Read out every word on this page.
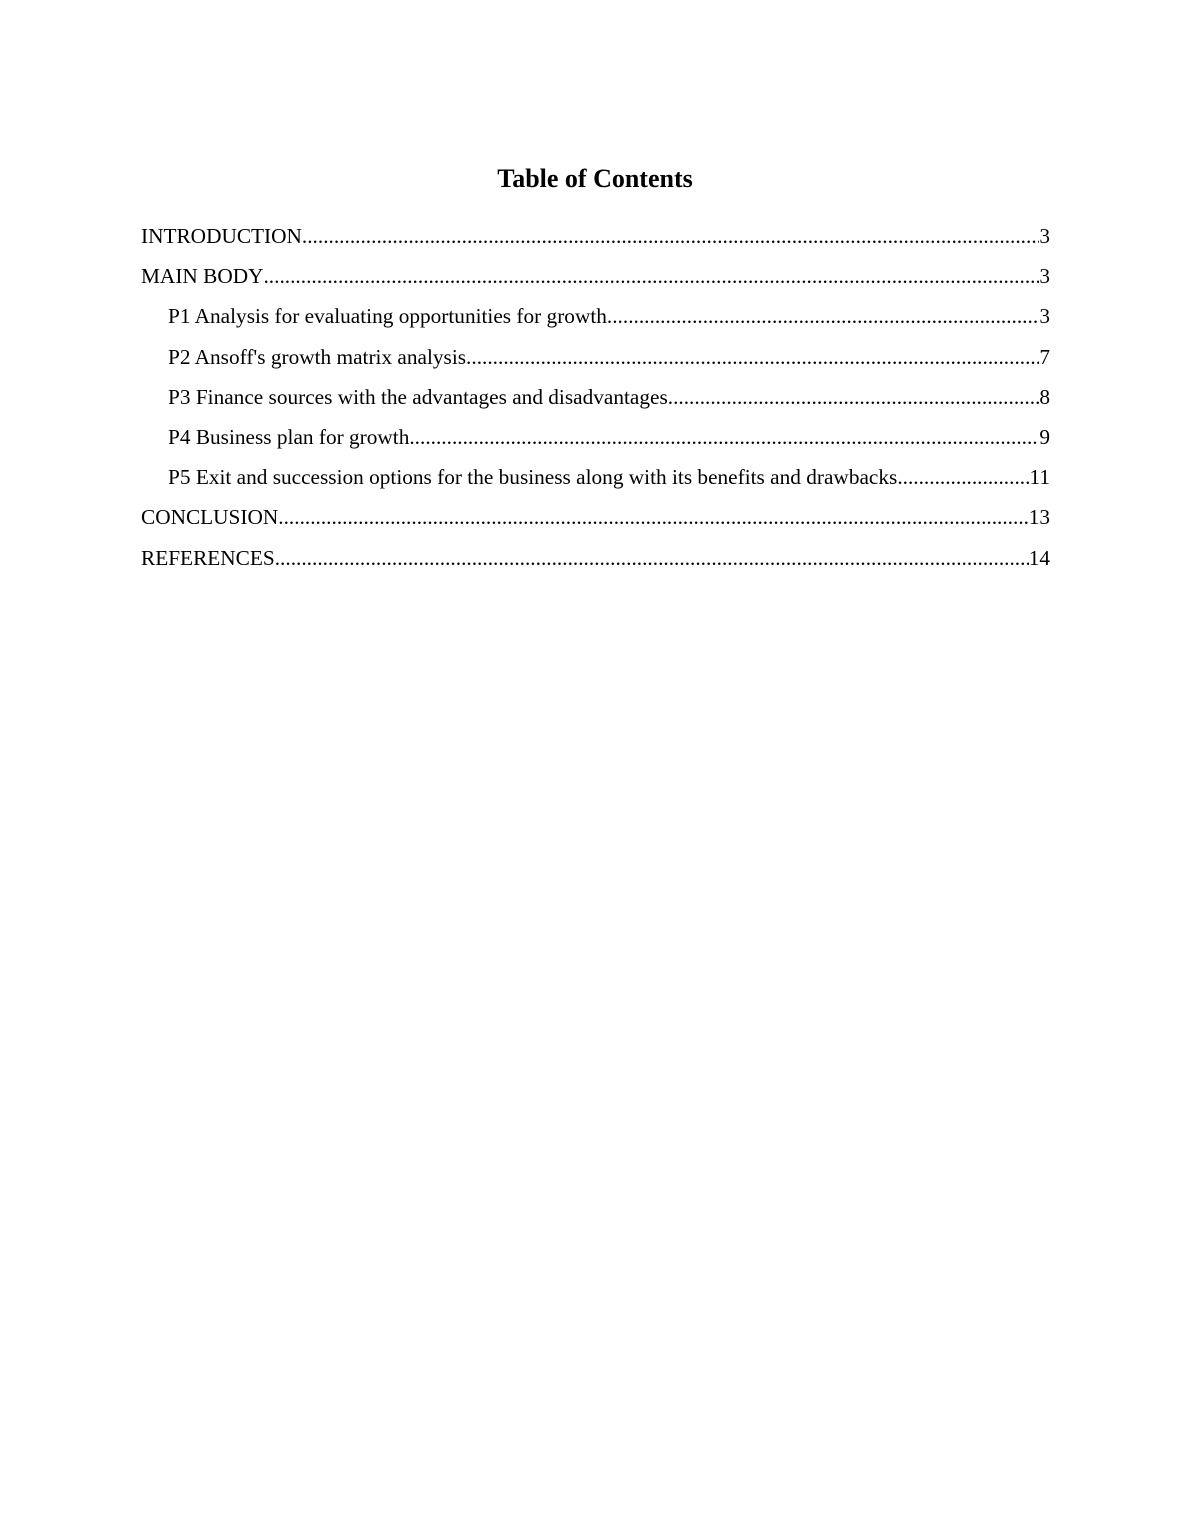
Table of Contents
INTRODUCTION .....	3
MAIN BODY .....	3
P1 Analysis for evaluating opportunities for growth. .....	3
P2 Ansoff's growth matrix analysis .....	7
P3 Finance sources with the advantages and disadvantages .....	8
P4 Business plan for growth .....	9
P5 Exit and succession options for the business along with its benefits and drawbacks .....	11
CONCLUSION .....	13
REFERENCES .....	14
